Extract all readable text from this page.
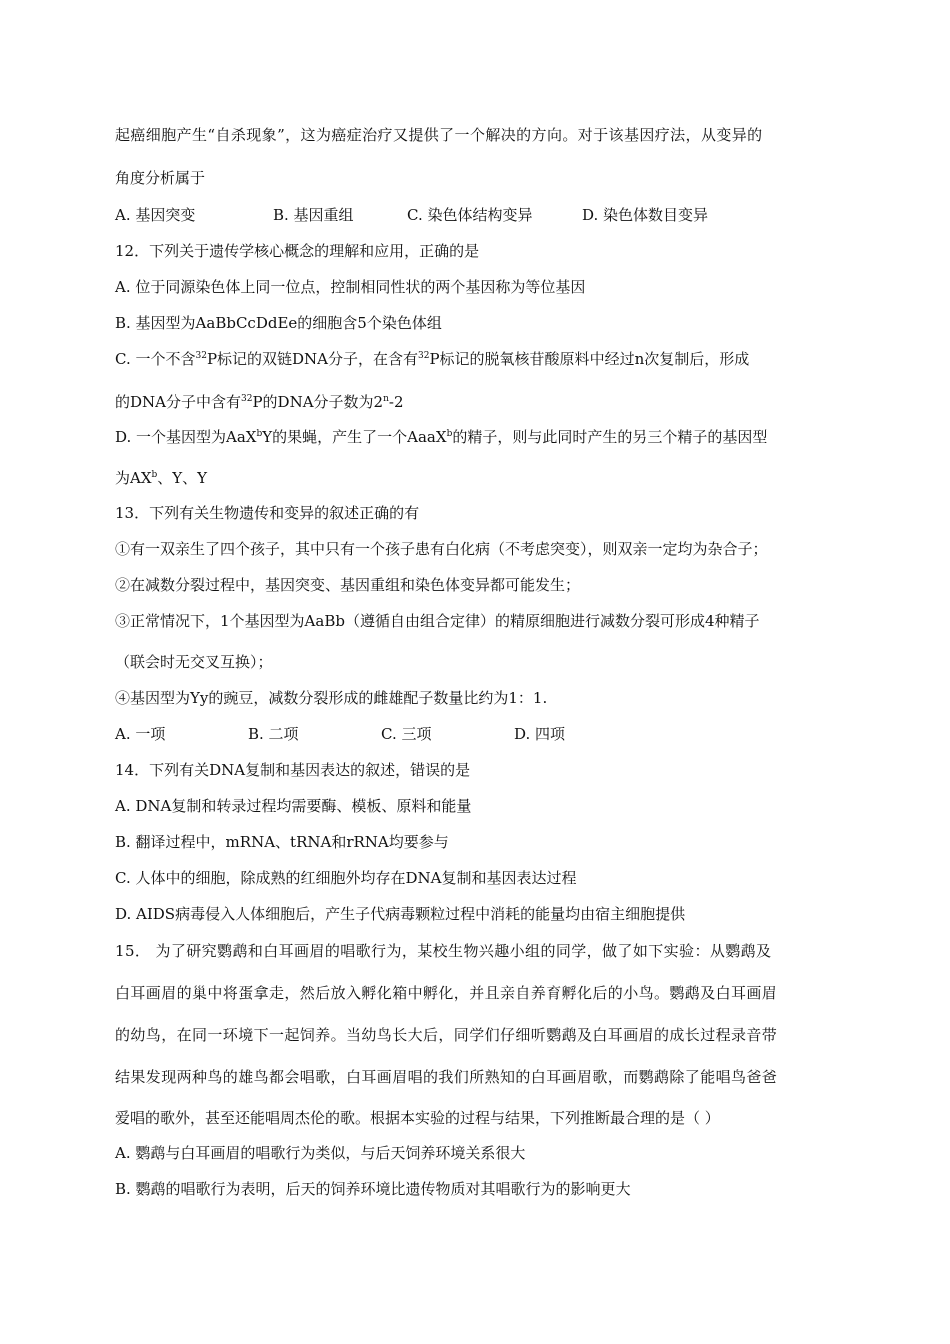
起癌细胞产生“自杀现象”，这为癌症治疗又提供了一个解决的方向。对于该基因疗法，从变异的
角度分析属于
A. 基因突变	B. 基因重组	C. 染色体结构变异	D. 染色体数目变异
12．下列关于遗传学核心概念的理解和应用，正确的是
A. 位于同源染色体上同一位点，控制相同性状的两个基因称为等位基因
B. 基因型为AaBbCcDdEe的细胞含5个染色体组
C. 一个不含$^{32}$P标记的双链DNA分子，在含有$^{32}$P标记的脱氧核苷酸原料中经过n次复制后，形成
的DNA分子中含有$^{32}$P的DNA分子数为2$^n$-2
D. 一个基因型为AaX$^b$Y的果蝇，产生了一个AaaX$^b$的精子，则与此同时产生的另三个精子的基因型
为$AX^b$、Y、Y
13．下列有关生物遗传和变异的叙述正确的有
①有一双亲生了四个孩子，其中只有一个孩子患有白化病（不考虑突变），则双亲一定均为杂合子；
②在减数分裂过程中，基因突变、基因重组和染色体变异都可能发生；
③正常情况下，1个基因型为AaBb（遵循自由组合定律）的精原细胞进行减数分裂可形成4种精子
（联会时无交叉互换）；
④基因型为Yy的豌豆，减数分裂形成的雌雄配子数量比约为1：1.
A. 一项	B. 二项	C. 三项	D. 四项
14．下列有关DNA复制和基因表达的叙述，错误的是
A. DNA复制和转录过程均需要酶、模板、原料和能量
B. 翻译过程中，mRNA、tRNA和rRNA均要参与
C. 人体中的细胞，除成熟的红细胞外均存在DNA复制和基因表达过程
D. AIDS病毒侵入人体细胞后，产生子代病毒颗粒过程中消耗的能量均由宿主细胞提供
15． 为了研究鹦鹉和白耳画眉的唱歌行为，某校生物兴趣小组的同学，做了如下实验：从鹦鹉及
白耳画眉的巢中将蛋拿走，然后放入孵化箱中孵化，并且亲自养育孵化后的小鸟。鹦鹉及白耳画眉
的幼鸟，在同一环境下一起饲养。当幼鸟长大后，同学们仔细听鹦鹉及白耳画眉的成长过程录音带
结果发现两种鸟的雄鸟都会唱歌，白耳画眉唱的我们所熟知的白耳画眉歌，而鹦鹉除了能唱鸟爸爸
爱唱的歌外，甚至还能唱周杰伦的歌。根据本实验的过程与结果，下列推断最合理的是（ ）
A. 鹦鹉与白耳画眉的唱歌行为类似，与后天饲养环境关系很大
B. 鹦鹉的唱歌行为表明，后天的饲养环境比遗传物质对其唱歌行为的影响更大
